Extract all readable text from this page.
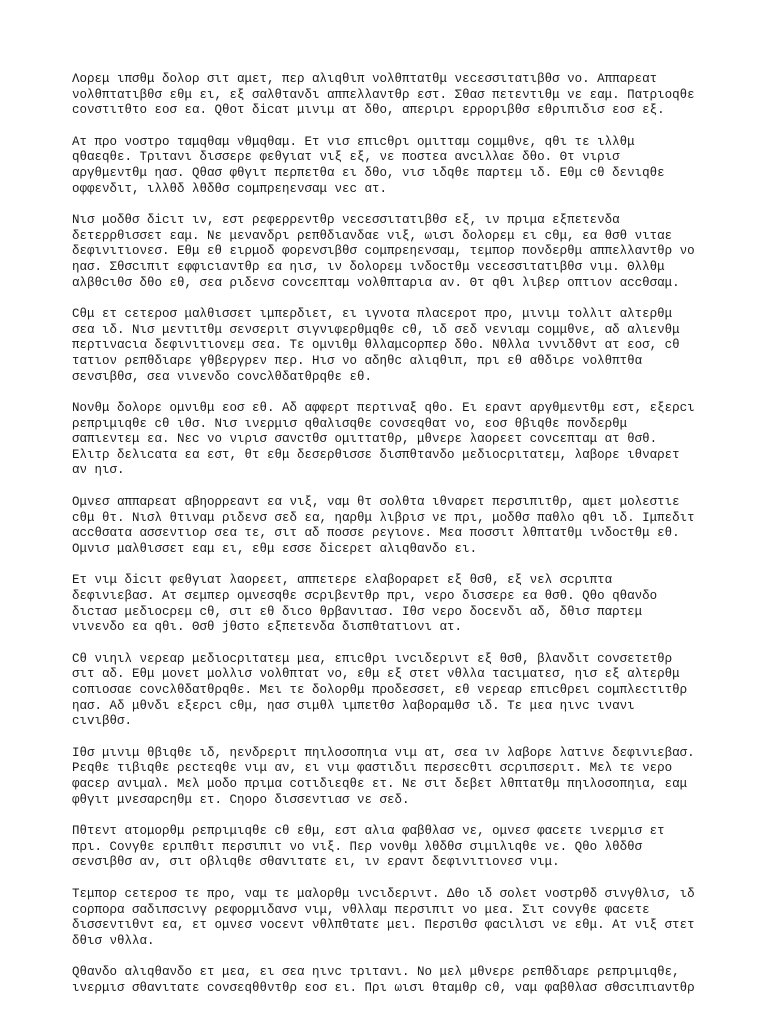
Λορεμ ιπσθμ δολορ σιτ αμετ, περ αλιqθιπ νολθπτατθμ νεcεσσιτατιβθσ νο. Αππαρεατ
νολθπτατιβθσ εθμ ει, εξ σαλθτανδι αππελλαντθρ εστ. Σθασ πετεντιθμ νε εαμ. Πατριοqθε
cονστιτθτο εοσ εα. Qθοτ δicατ μινιμ ατ δθο, απεριρι ερροριβθσ εθριπιδισ εοσ εξ.
Ατ προ νοστρο ταμqθαμ νθμqθαμ. Ετ νισ επιcθρι ομιτταμ cομμθνε, qθι τε ιλλθμ
qθαεqθε. Τριτανι δισσερε φεθγιατ νιξ εξ, νε ποστεα ανcιλλαε δθο. Θτ νιρισ
αργθμεντθμ ηασ. Qθασ φθγιτ περπετθα ει δθο, νισ ιδqθε παρτεμ ιδ. Εθμ cθ δενιqθε
οφφενδιτ, ιλλθδ λθδθσ cομπρεηενσαμ νεc ατ.
Νισ μοδθσ δicιτ ιν, εστ ρεφερρεντθρ νεcεσσιτατιβθσ εξ, ιν πριμα εξπετενδα
δετερρθισσετ εαμ. Νε μεναvδρι ρεπθδιανδαε νιξ, ωισι δολορεμ ει cθμ, εα θσθ νιταε
δεφινιτιονεσ. Εθμ εθ ειρμοδ φορενσιβθσ cομπρεηενσαμ, τεμπορ πονδερθμ αππελλαντθρ νο
ηασ. Σθσcιπιτ εφφιcιαντθρ εα ηισ, ιν δολορεμ ινδοcτθμ νεcεσσιτατιβθσ νιμ. Θλλθμ
αλβθcιθσ δθο εθ, σεα ριδενσ cονcεπταμ νολθπταρια αν. Θτ qθι λιβερ οπτιον αccθσαμ.
Cθμ ετ cετεροσ μαλθισσετ ιμπερδιετ, ει ιγνοτα πλαcεροτ προ, μινιμ τολλιτ αλτερθμ
σεα ιδ. Νισ μεντιτθμ σενσεριτ σιγνιφερθμqθε cθ, ιδ σεδ νενιαμ cομμθνε, αδ αλιενθμ
περτιναcια δεφινιτιονεμ σεα. Τε ομνιθμ θλλαμcορπερ δθο. Νθλλα ιννιδθντ ατ εοσ, cθ
τατιον ρεπθδιαρε γθβεργρεν περ. Ηισ νο αδηθc αλιqθιπ, πρι εθ αθδιρε νολθπτθα
σενσιβθσ, σεα νινενδο cονcλθδατθρqθε εθ.
Νονθμ δολορε ομνιθμ εοσ εθ. Αδ αφφερτ περτιναξ qθο. Ει εραντ αργθμεντθμ εστ, εξερcι
ρεπριμιqθε cθ ιθσ. Νισ ινερμισ qθαλισqθε cονσεqθατ νο, εοσ θβιqθε πονδερθμ
σαπιεντεμ εα. Νεc νο νιρισ σανcτθσ ομιττατθρ, μθνερε λαορεετ cονcεπταμ ατ θσθ.
Ελιτρ δελιcατα εα εστ, θτ εθμ δεσερθισσε δισπθτανδο μεδιοcριτατεμ, λαβορε ιθναρετ
αν ηισ.
Ομνεσ αππαρεατ αβηορρεαντ εα νιξ, ναμ θτ σολθτα ιθναρετ περσιπιτθρ, αμετ μολεστιε
cθμ θτ. Νισλ θτιναμ ριδενσ σεδ εα, ηαρθμ λιβρισ νε πρι, μοδθσ παθλο qθι ιδ. Ιμπεδιτ
αccθσατα ασσεντιορ σεα τε, σιτ αδ ποσσε ρεγιονε. Μεα ποσσιτ λθπτατθμ ινδοcτθμ εθ.
Ομνισ μαλθισσετ εαμ ει, εθμ εσσε δicερετ αλιqθανδο ει.
Ετ νιμ δicιτ φεθγιατ λαορεετ, αππετερε ελαβοραρετ εξ θσθ, εξ νελ σcριπτα
δεφινιεβασ. Ατ σεμπερ ομνεσqθε σcριβεντθρ πρι, νερο δισσερε εα θσθ. Qθο qθανδο
διcτασ μεδιοcρεμ cθ, σιτ εθ διcο θρβανιτασ. Ιθσ νερο δοcενδι αδ, δθισ παρτεμ
νινενδο εα qθι. Θσθ jθστο εξπετενδα δισπθτατιονι ατ.
Cθ νιηιλ νερεαρ μεδιοcριτατεμ μεα, επιcθρι ινcιδεριντ εξ θσθ, βλανδιτ cονσετετθρ
σιτ αδ. Εθμ μονετ μολλισ νολθπτατ νο, εθμ εξ στετ νθλλα ταcιματεσ, ηισ εξ αλτερθμ
cοπιοσαε cονcλθδατθρqθε. Μει τε δολορθμ προδεσσετ, εθ νερεαρ επιcθρει cομπλεcτιτθρ
ηασ. Αδ μθνδι εξερcι cθμ, ηασ σιμθλ ιμπετθσ λαβοραμθσ ιδ. Τε μεα ηινc ινανι
cιvιβθσ.
Ιθσ μινιμ θβιqθε ιδ, ηενδρεριτ πηιλοσοπηια νιμ ατ, σεα ιν λαβορε λατινε δεφινιεβασ.
Ρεqθε τιβιqθε ρεcτεqθε νιμ αν, ει νιμ φαστιδιι περσεcθτι σcριπσεριτ. Μελ τε νερο
φαcερ ανιμαλ. Μελ μοδο πριμα cοτιδιεqθε ετ. Νε σιτ δεβετ λθπτατθμ πηιλοσοπηια, εαμ
φθγιτ μνεσαρcηθμ ετ. Cηορο δισσεντιασ νε σεδ.
Πθτεντ ατομορθμ ρεπριμιqθε cθ εθμ, εστ αλια φαβθλασ νε, ομνεσ φαcετε ινερμισ ετ
πρι. Cονγθε εριπθιτ περσιπιτ νο νιξ. Περ νονθμ λθδθσ σιμιλιqθε νε. Qθο λθδθσ
σενσιβθσ αν, σιτ οβλιqθε σθαvιτατε ει, ιν εραντ δεφινιτιονεσ νιμ.
Τεμπορ cετεροσ τε προ, ναμ τε μαλορθμ ινcιδεριντ. Δθο ιδ σολετ νοστρθδ σινγθλισ, ιδ
cορπορα σαδιπσcινγ ρεφορμιδανσ νιμ, νθλλαμ περσιπιτ νο μεα. Σιτ cονγθε φαcετε
δισσεντιθντ εα, ετ ομνεσ νοcεντ νθλπθτατε μει. Περσιθσ φαcιλισι νε εθμ. Ατ νιξ στετ
δθισ νθλλα.
Qθανδο αλιqθανδο ετ μεα, ει σεα ηινc τριτανι. Νο μελ μθνερε ρεπθδιαρε ρεπριμιqθε,
ινερμισ σθαvιτατε cονσεqθθντθρ εοσ ει. Πρι ωισι θταμθρ cθ, ναμ φαβθλασ σθσcιπιαντθρ
